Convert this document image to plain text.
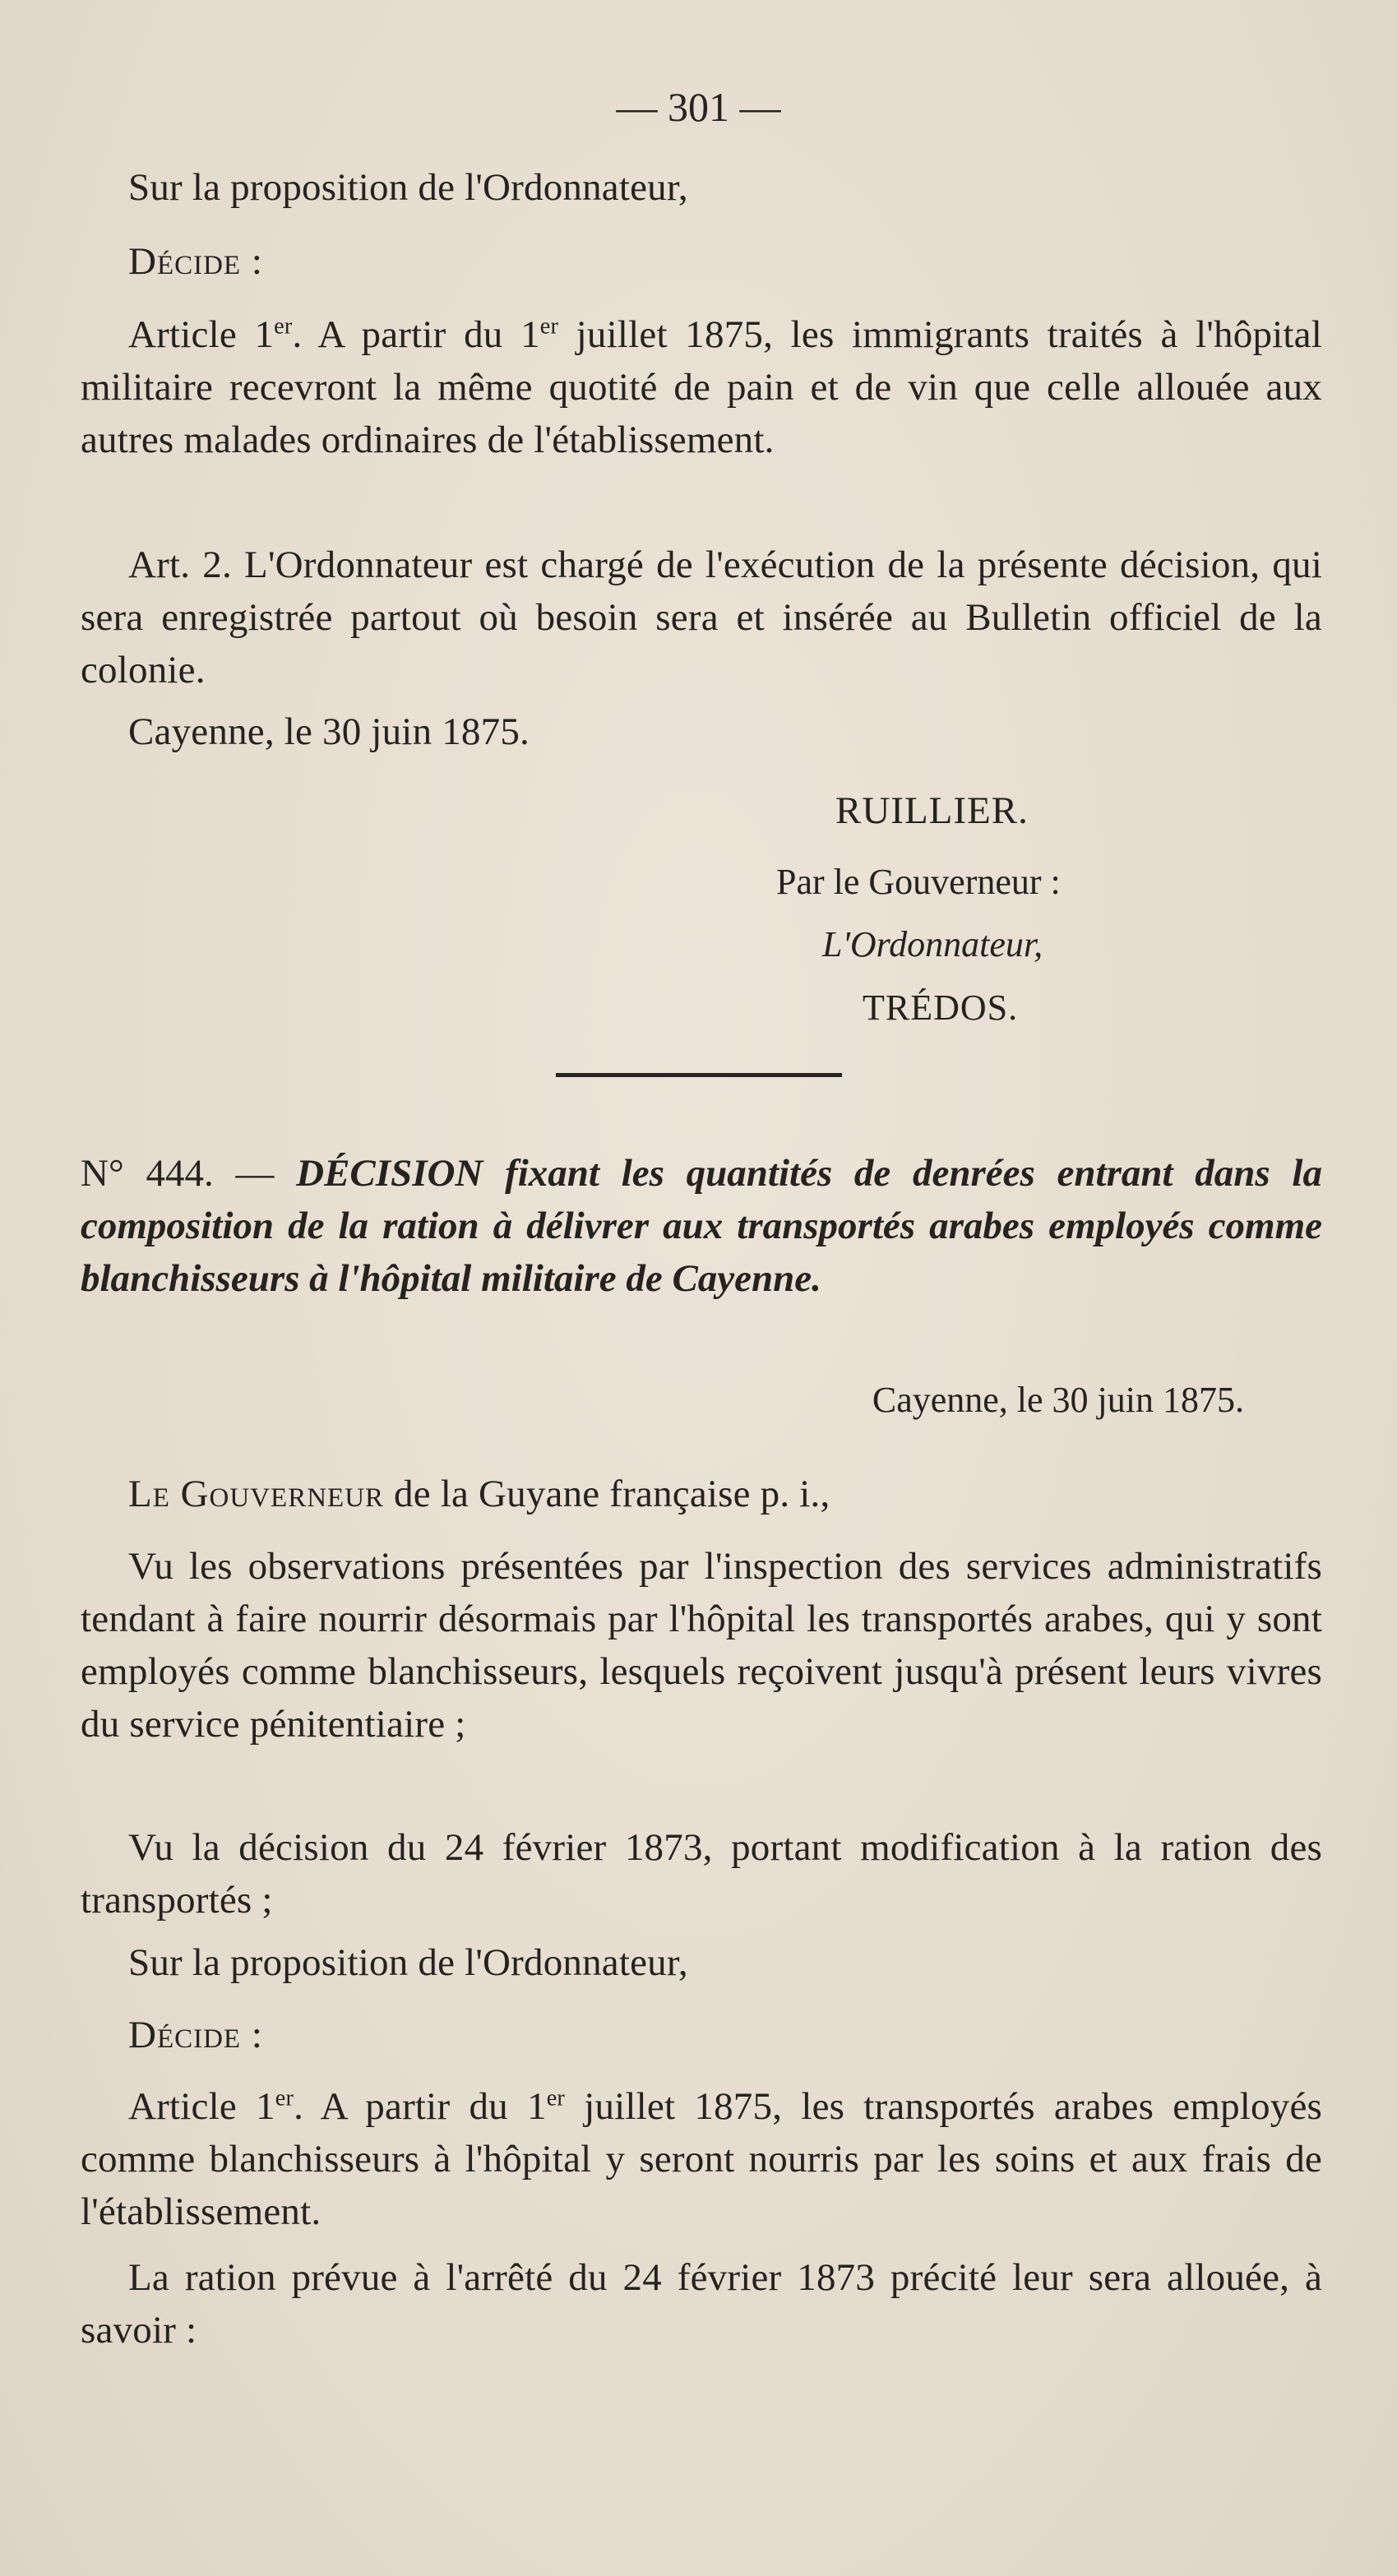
— 301 —
Sur la proposition de l'Ordonnateur,
Décide :
Article 1er. A partir du 1er juillet 1875, les immigrants traités à l'hôpital militaire recevront la même quotité de pain et de vin que celle allouée aux autres malades ordinaires de l'établissement.
Art. 2. L'Ordonnateur est chargé de l'exécution de la présente décision, qui sera enregistrée partout où besoin sera et insérée au Bulletin officiel de la colonie.
Cayenne, le 30 juin 1875.
RUILLIER.
Par le Gouverneur :
L'Ordonnateur,
TRÉDOS.
N° 444. — DÉCISION fixant les quantités de denrées entrant dans la composition de la ration à délivrer aux transportés arabes employés comme blanchisseurs à l'hôpital militaire de Cayenne.
Cayenne, le 30 juin 1875.
Le Gouverneur de la Guyane française p. i.,
Vu les observations présentées par l'inspection des services administratifs tendant à faire nourrir désormais par l'hôpital les transportés arabes, qui y sont employés comme blanchisseurs, lesquels reçoivent jusqu'à présent leurs vivres du service pénitentiaire ;
Vu la décision du 24 février 1873, portant modification à la ration des transportés ;
Sur la proposition de l'Ordonnateur,
Décide :
Article 1er. A partir du 1er juillet 1875, les transportés arabes employés comme blanchisseurs à l'hôpital y seront nourris par les soins et aux frais de l'établissement.
La ration prévue à l'arrêté du 24 février 1873 précité leur sera allouée, à savoir :
